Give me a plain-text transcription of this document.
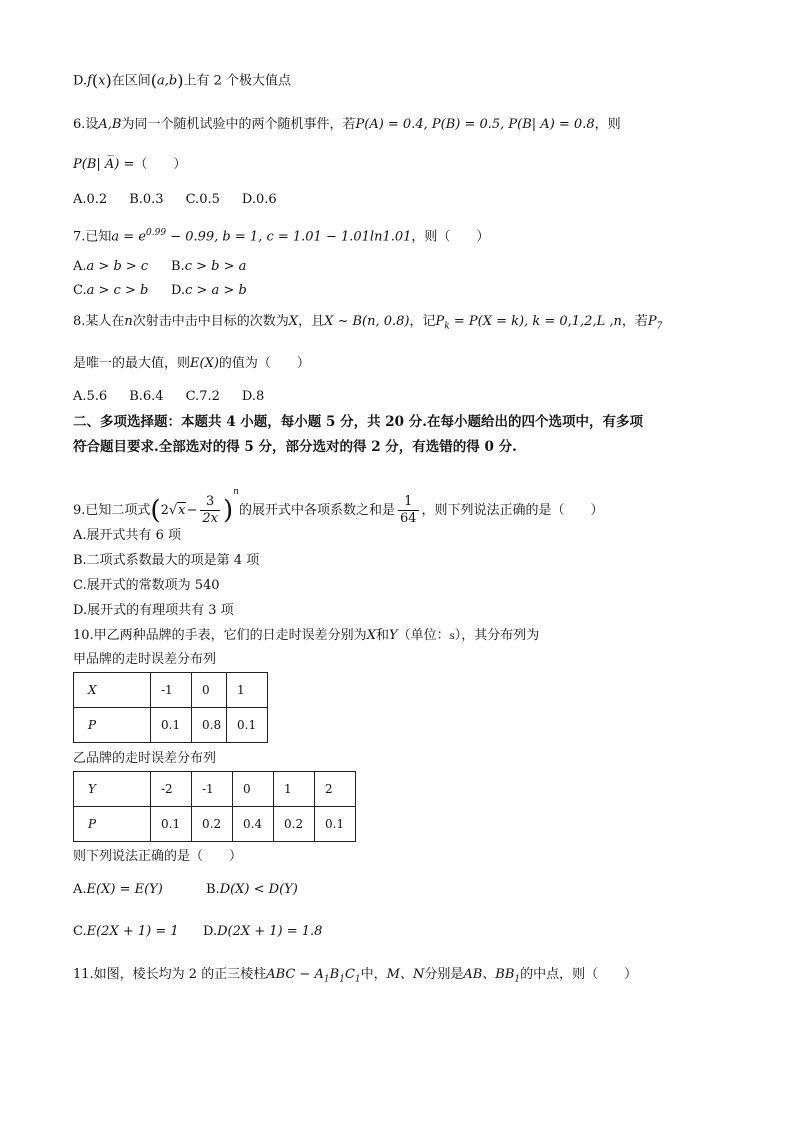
D.f(x)在区间(a,b)上有 2 个极大值点
6.设A,B为同一个随机试验中的两个随机事件，若P(A) = 0.4, P(B) = 0.5, P(B| A) = 0.8，则
P(B| A̅) =（　　）
A.0.2 B.0.3 C.0.5 D.0.6
7.已知$a = e^{0.99} - 0.99$, b = 1, c = 1.01 − 1.01ln1.01，则（　　）
A.a > b > c B.c > b > a
C.a > c > b D.c > a > b
8.某人在n次射击中击中目标的次数为X，且X ~ B(n, 0.8)，记$P_k = P(X = k)$, k = 0,1,2,L ,n，若$P_7$
是唯一的最大值，则E(X)的值为（　　）
A.5.6 B.6.4 C.7.2 D.8
二、多项选择题：本题共 4 小题，每小题 5 分，共 20 分.在每小题给出的四个选项中，有多项
符合题目要求.全部选对的得 5 分，部分选对的得 2 分，有选错的得 0 分.
9.已知二项式$(2√x- \frac{3}{2x} )^n$的展开式中各项系数之和是 $\frac{1}{64}$ ，则下列说法正确的是（　　）
A.展开式共有 6 项
B.二项式系数最大的项是第 4 项
C.展开式的常数项为 540
D.展开式的有理项共有 3 项
10.甲乙两种品牌的手表，它们的日走时误差分别为X和Y（单位：s），其分布列为
甲品牌的走时误差分布列
X	-1	0	1
P	0.1	0.8	0.1
乙品牌的走时误差分布列
Y	-2	-1	0	1	2
P	0.1	0.2	0.4	0.2	0.1
则下列说法正确的是（　　）
A.E(X) = E(Y)	B.D(X) < D(Y)
C.E(2X + 1) = 1 D.D(2X + 1) = 1.8
11.如图，棱长均为 2 的正三棱柱ABC − $A_1B_1C_1$中，M、N分别是AB、$BB_1$的中点，则（　　）
